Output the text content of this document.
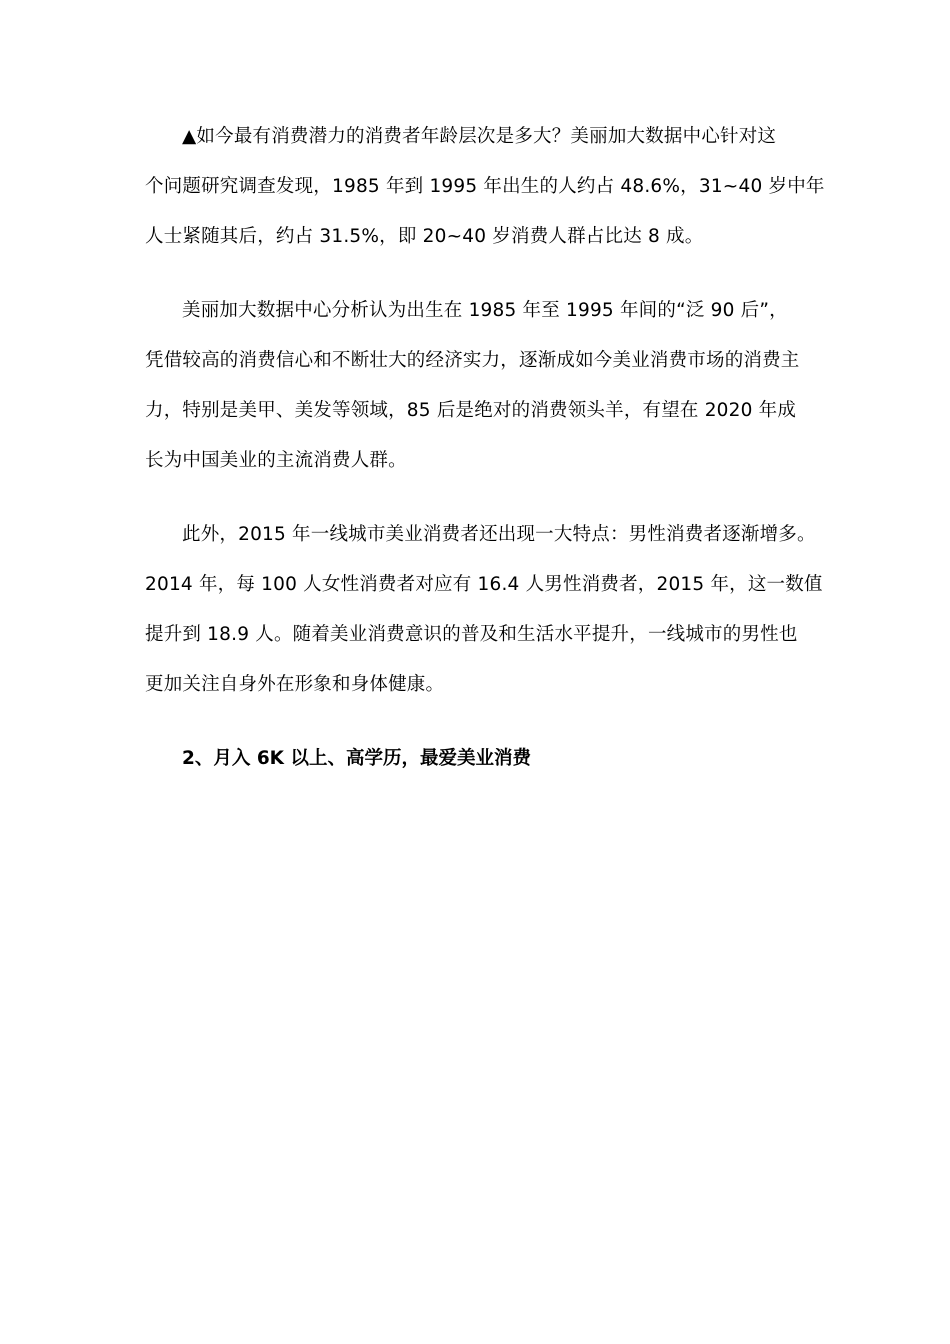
▲如今最有消费潜力的消费者年龄层次是多大？美丽加大数据中心针对这
个问题研究调查发现，1985 年到 1995 年出生的人约占 48.6%，31~40 岁中年
人士紧随其后，约占 31.5%，即 20~40 岁消费人群占比达 8 成。
美丽加大数据中心分析认为出生在 1985 年至 1995 年间的“泛 90 后”，
凭借较高的消费信心和不断壮大的经济实力，逐渐成如今美业消费市场的消费主
力，特别是美甲、美发等领域，85 后是绝对的消费领头羊，有望在 2020 年成
长为中国美业的主流消费人群。
此外，2015 年一线城市美业消费者还出现一大特点：男性消费者逐渐增多。
2014 年，每 100 人女性消费者对应有 16.4 人男性消费者，2015 年，这一数值
提升到 18.9 人。随着美业消费意识的普及和生活水平提升，一线城市的男性也
更加关注自身外在形象和身体健康。
2、月入 6K 以上、高学历，最爱美业消费
